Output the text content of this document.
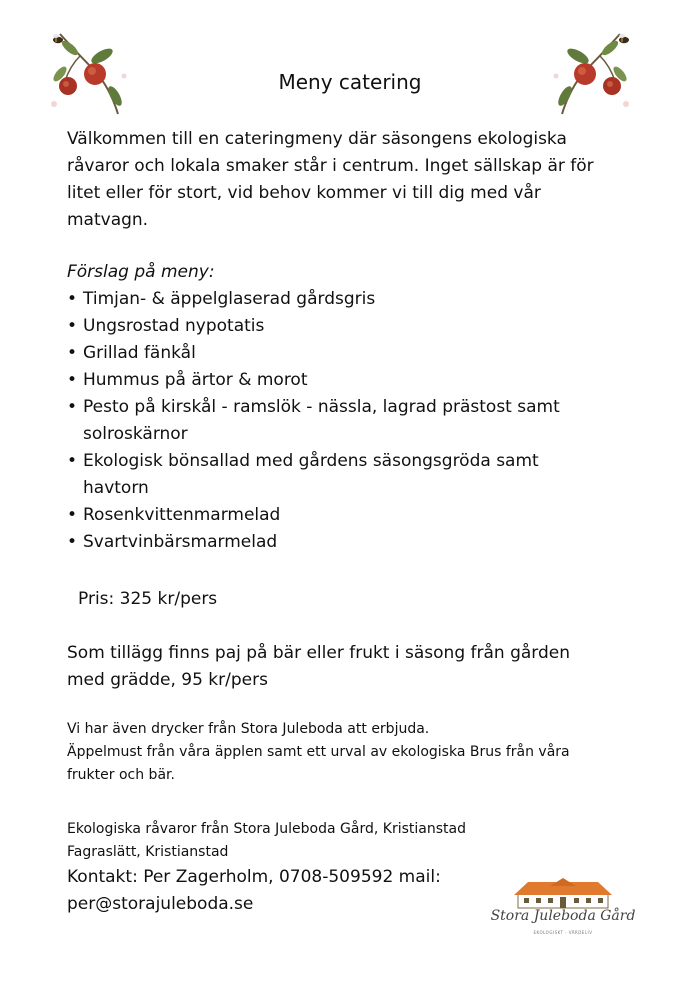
Meny catering
Välkommen till en cateringmeny där säsongens ekologiska
råvaror och lokala smaker står i centrum. Inget sällskap är för
litet eller för stort, vid behov kommer vi till dig med vår
matvagn.
Förslag på meny:
• Timjan- & äppelglaserad gårdsgris
• Ungsrostad nypotatis
• Grillad fänkål
• Hummus på ärtor & morot
• Pesto på kirskål - ramslök - nässla, lagrad prästost samt
solroskärnor
• Ekologisk bönsallad med gårdens säsongsgröda samt
havtorn
• Rosenkvittenmarmelad
• Svartvinbärsmarmelad
Pris: 325 kr/pers
Som tillägg finns paj på bär eller frukt i säsong från gården
med grädde, 95 kr/pers
Vi har även drycker från Stora Juleboda att erbjuda.
Äppelmust från våra äpplen samt ett urval av ekologiska Brus från våra
frukter och bär.
Ekologiska råvaror från Stora Juleboda Gård, Kristianstad
Fagraslätt, Kristianstad
Kontakt: Per Zagerholm, 0708-509592 mail:
per@storajuleboda.se
Stora Juleboda Gård
EKOLOGISKT · VÄRDELIV
